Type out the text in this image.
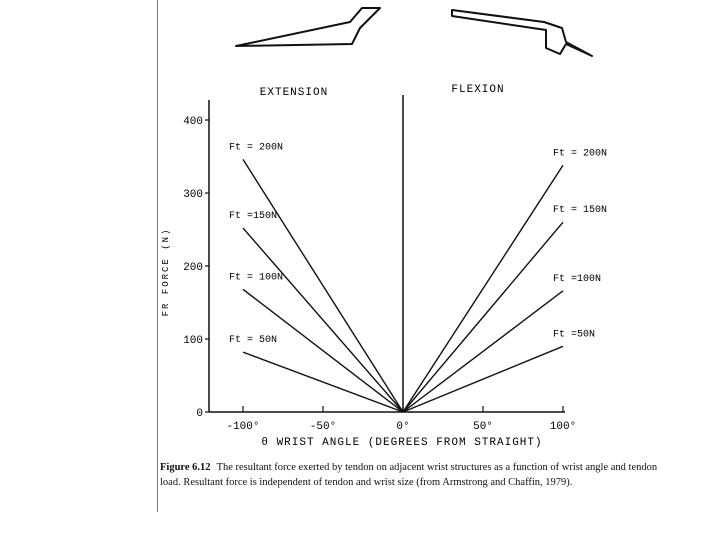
EXTENSION	FLEXION
0
100
200
300
400
-100°	-50°	0°	50°	100°
Ft = 200N
Ft =150N
Ft = 100N
Ft = 50N
Ft = 200N
Ft = 150N
Ft =100N
Ft =50N
FR FORCE (N)
θ WRIST ANGLE (DEGREES FROM STRAIGHT)
Figure 6.12 The resultant force exerted by tendon on adjacent wrist structures as a function of wrist angle and tendon load. Resultant force is independent of tendon and wrist size (from Armstrong and Chaffin, 1979).
